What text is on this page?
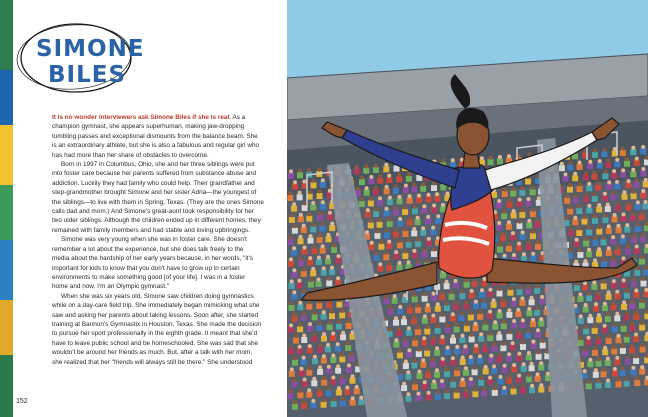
SIMONE
BILES

It is no wonder interviewers ask Simone Biles if she is real. As a
champion gymnast, she appears superhuman, making jaw-dropping
tumbling passes and exceptional dismounts from the balance beam. She
is an extraordinary athlete, but she is also a fabulous and regular girl who
has had more than her share of obstacles to overcome.

Born in 1997 in Columbus, Ohio, she and her three siblings were put
into foster care because her parents suffered from substance abuse and
addiction. Luckily they had family who could help. Their grandfather and
step-grandmother brought Simone and her sister Adria—the youngest of
the siblings—to live with them in Spring, Texas. (They are the ones Simone
calls dad and mom.) And Simone's great-aunt took responsibility for her
two older siblings. Although the children ended up in different homes, they
remained with family members and had stable and loving upbringings.

Simone was very young when she was in foster care. She doesn't
remember a lot about the experience, but she does talk freely to the
media about the hardship of her early years because, in her words, "it's
important for kids to know that you don't have to grow up in certain
environments to make something good [of your life]. I was in a foster
home and now, I'm an Olympic gymnast."

When she was six years old, Simone saw children doing gymnastics
while on a day-care field trip. She immediately began mimicking what she
saw and asking her parents about taking lessons. Soon after, she started
training at Bannon's Gymnastix in Houston, Texas. She made the decision
to pursue her sport professionally in the eighth grade. It meant that she'd
have to leave public school and be homeschooled. She was sad that she
wouldn't be around her friends as much. But, after a talk with her mom,
she realized that her "friends will always still be there." She understood

152
